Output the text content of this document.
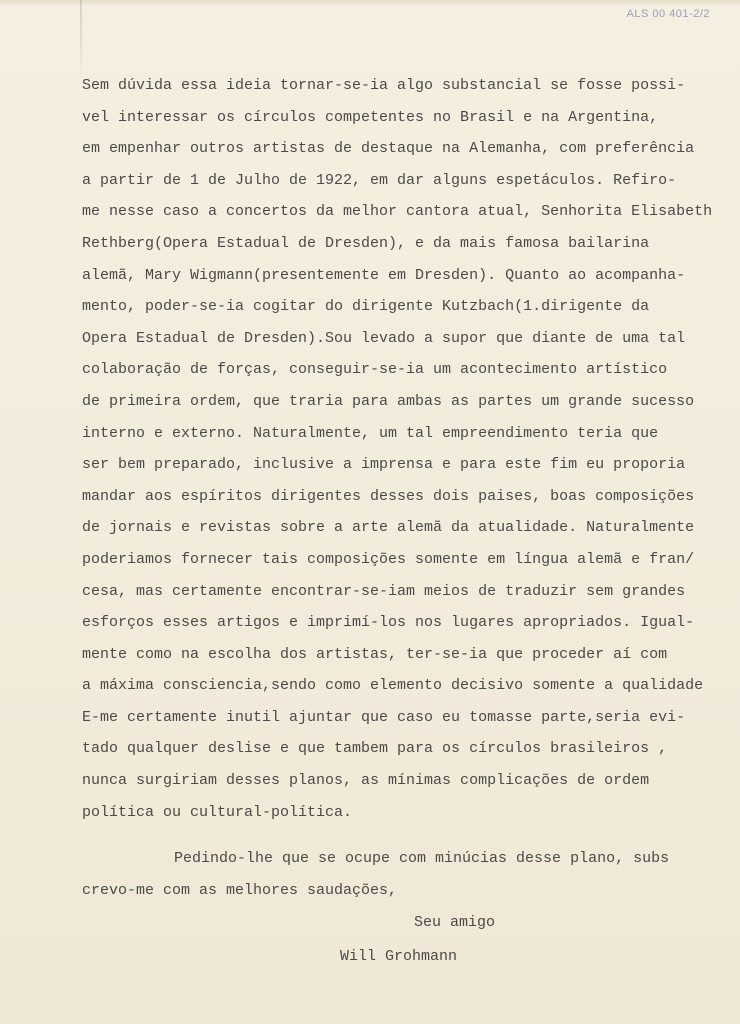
ALS 00 401-2/2
Sem dúvida essa ideia tornar-se-ia algo substancial se fosse possi-
vel interessar os círculos competentes no Brasil e na Argentina,
em empenhar outros artistas de destaque na Alemanha, com preferência
a partir de 1 de Julho de 1922, em dar alguns espetáculos. Refiro-
me nesse caso a concertos da melhor cantora atual, Senhorita Elisabeth
Rethberg(Opera Estadual de Dresden), e da mais famosa bailarina
alemã, Mary Wigmann(presentemente em Dresden). Quanto ao acompanha-
mento, poder-se-ia cogitar do dirigente Kutzbach(1.dirigente da
Opera Estadual de Dresden).Sou levado a supor que diante de uma tal
colaboração de forças, conseguir-se-ia um acontecimento artístico
de primeira ordem, que traria para ambas as partes um grande sucesso
interno e externo. Naturalmente, um tal empreendimento teria que
ser bem preparado, inclusive a imprensa e para este fim eu proporia
mandar aos espíritos dirigentes desses dois paises, boas composições
de jornais e revistas sobre a arte alemã da atualidade. Naturalmente
poderiamos fornecer tais composições somente em língua alemã e fran/
cesa, mas certamente encontrar-se-iam meios de traduzir sem grandes
esforços esses artigos e imprimí-los nos lugares apropriados. Igual-
mente como na escolha dos artistas, ter-se-ia que proceder aí com
a máxima consciencia,sendo como elemento decisivo somente a qualidade
E-me certamente inutil ajuntar que caso eu tomasse parte,seria evi-
tado qualquer deslise e que tambem para os círculos brasileiros ,
nunca surgiriam desses planos, as mínimas complicações de ordem
política ou cultural-política.
Pedindo-lhe que se ocupe com minúcias desse plano, subs
crevo-me com as melhores saudações,
Seu amigo
Will Grohmann
